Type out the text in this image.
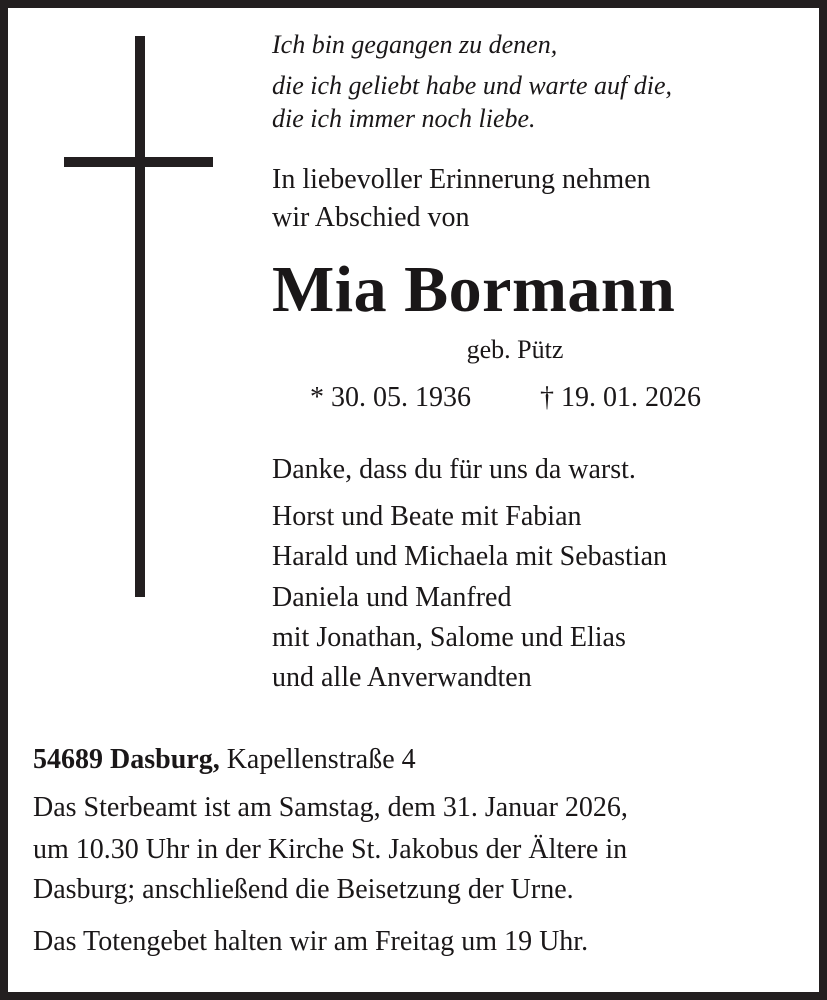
Ich bin gegangen zu denen,
die ich geliebt habe und warte auf die,
die ich immer noch liebe.
In liebevoller Erinnerung nehmen
wir Abschied von
Mia Bormann
geb. Pütz
* 30. 05. 1936 † 19. 01. 2026
Danke, dass du für uns da warst.
Horst und Beate mit Fabian
Harald und Michaela mit Sebastian
Daniela und Manfred
mit Jonathan, Salome und Elias
und alle Anverwandten
54689 Dasburg, Kapellenstraße 4
Das Sterbeamt ist am Samstag, dem 31. Januar 2026,
um 10.30 Uhr in der Kirche St. Jakobus der Ältere in
Dasburg; anschließend die Beisetzung der Urne.
Das Totengebet halten wir am Freitag um 19 Uhr.
